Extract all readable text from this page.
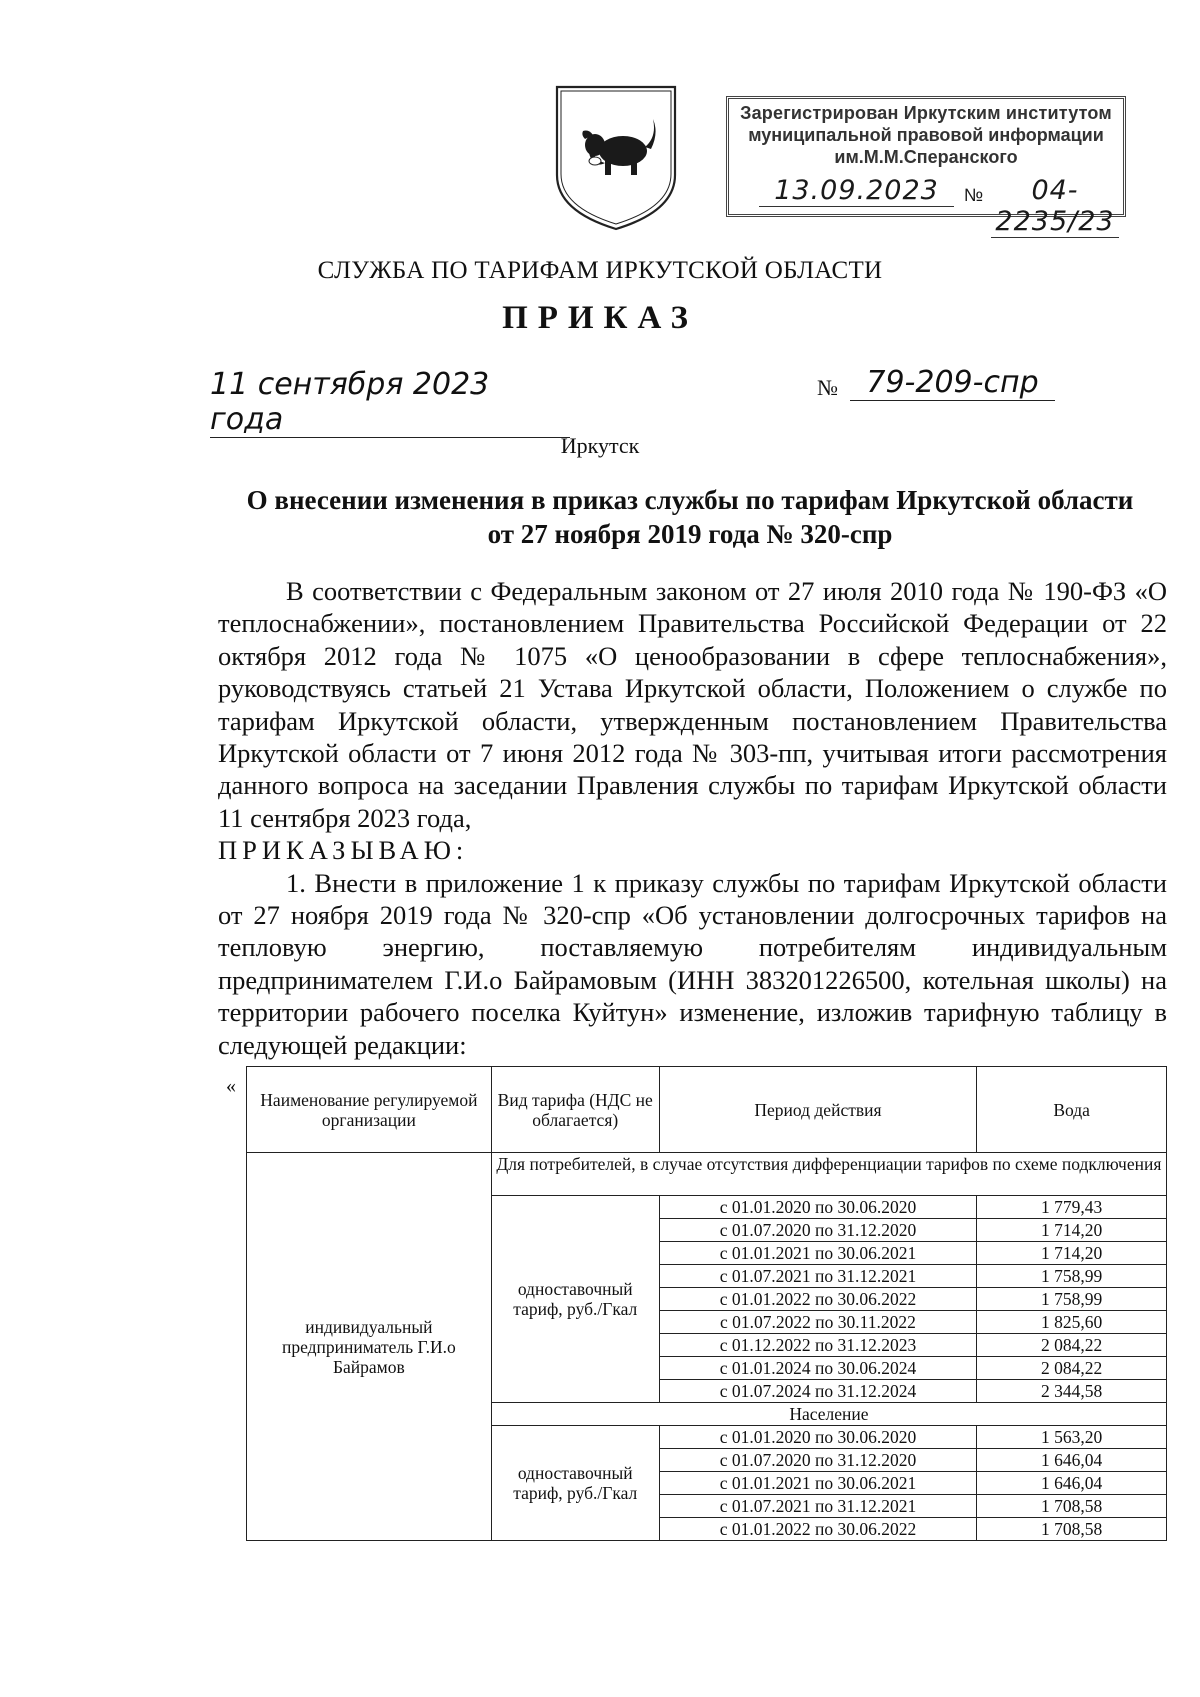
Зарегистрирован Иркутским институтом
муниципальной правовой информации
им.М.М.Сперанского
13.09.2023	№	04-2235/23
СЛУЖБА ПО ТАРИФАМ ИРКУТСКОЙ ОБЛАСТИ
ПРИКАЗ
11 сентября 2023 года
№ 79-209-спр
Иркутск
О внесении изменения в приказ службы по тарифам Иркутской области
от 27 ноября 2019 года № 320-спр

В соответствии с Федеральным законом от 27 июля 2010 года № 190-ФЗ «О теплоснабжении», постановлением Правительства Российской Федерации от 22 октября 2012 года № 1075 «О ценообразовании в сфере теплоснабжения», руководствуясь статьей 21 Устава Иркутской области, Положением о службе по тарифам Иркутской области, утвержденным постановлением Правительства Иркутской области от 7 июня 2012 года № 303-пп, учитывая итоги рассмотрения данного вопроса на заседании Правления службы по тарифам Иркутской области 11 сентября 2023 года,

ПРИКАЗЫВАЮ:

1. Внести в приложение 1 к приказу службы по тарифам Иркутской области от 27 ноября 2019 года № 320-спр «Об установлении долгосрочных тарифов на тепловую энергию, поставляемую потребителям индивидуальным предпринимателем Г.И.о Байрамовым (ИНН 383201226500, котельная школы) на территории рабочего поселка Куйтун» изменение, изложив тарифную таблицу в следующей редакции:

«
Наименование регулируемой организации	Вид тарифа (НДС не облагается)	Период действия	Вода
индивидуальный предприниматель Г.И.о Байрамов	Для потребителей, в случае отсутствия дифференциации тарифов по схеме подключения		
	одноставочный тариф, руб./Гкал	с 01.01.2020 по 30.06.2020	1 779,43
		с 01.07.2020 по 31.12.2020	1 714,20
		с 01.01.2021 по 30.06.2021	1 714,20
		с 01.07.2021 по 31.12.2021	1 758,99
		с 01.01.2022 по 30.06.2022	1 758,99
		с 01.07.2022 по 30.11.2022	1 825,60
		с 01.12.2022 по 31.12.2023	2 084,22
		с 01.01.2024 по 30.06.2024	2 084,22
		с 01.07.2024 по 31.12.2024	2 344,58
	Население		
	одноставочный тариф, руб./Гкал	с 01.01.2020 по 30.06.2020	1 563,20
		с 01.07.2020 по 31.12.2020	1 646,04
		с 01.01.2021 по 30.06.2021	1 646,04
		с 01.07.2021 по 31.12.2021	1 708,58
		с 01.01.2022 по 30.06.2022	1 708,58
